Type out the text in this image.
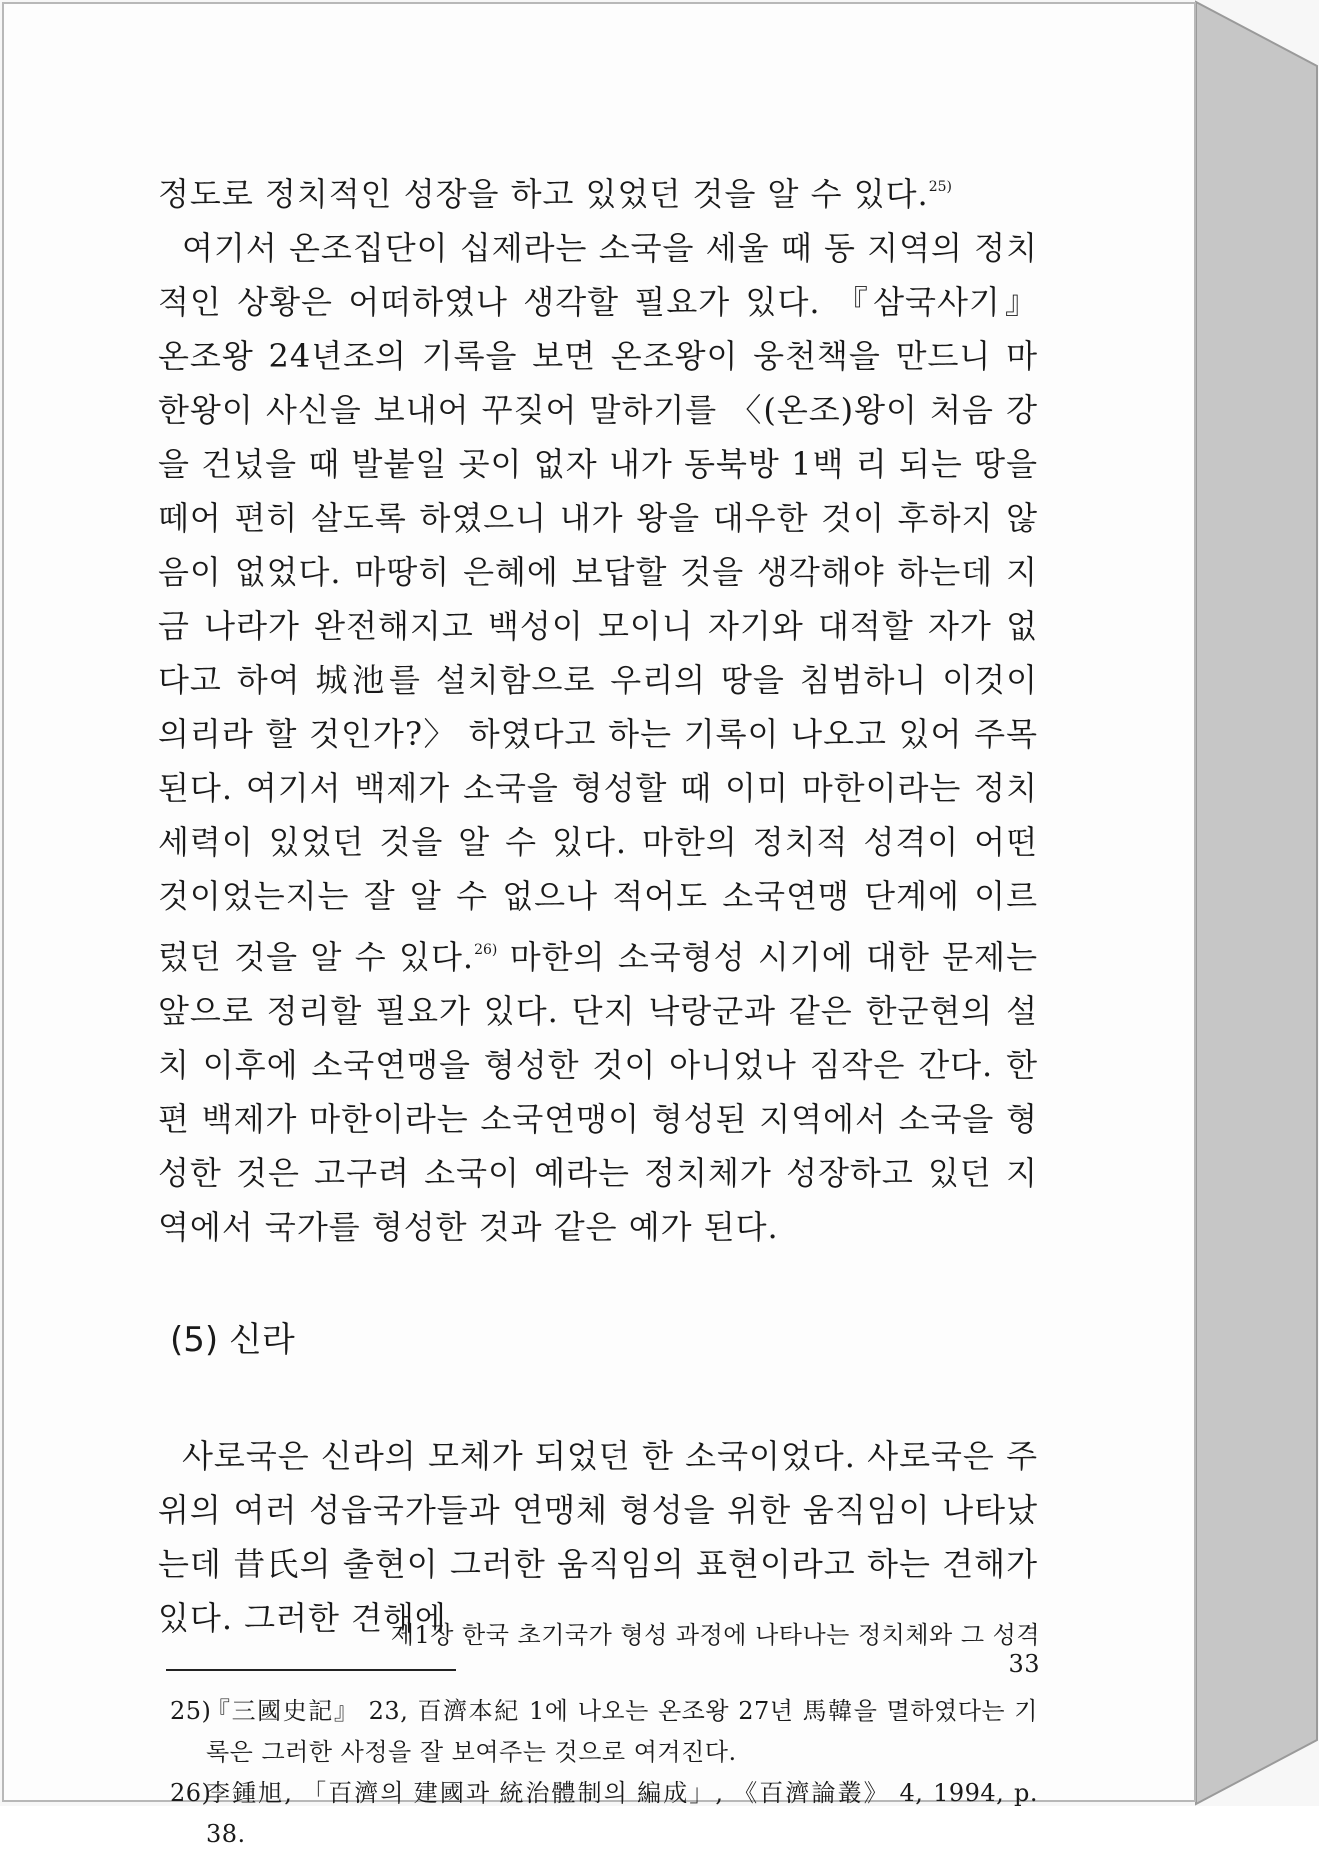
정도로 정치적인 성장을 하고 있었던 것을 알 수 있다.$^{25)}$

여기서 온조집단이 십제라는 소국을 세울 때 동 지역의 정치적인 상황은 어떠하였나 생각할 필요가 있다. 『삼국사기』 온조왕 24년조의 기록을 보면 온조왕이 웅천책을 만드니 마한왕이 사신을 보내어 꾸짖어 말하기를 〈(온조)왕이 처음 강을 건넜을 때 발붙일 곳이 없자 내가 동북방 1백 리 되는 땅을 떼어 편히 살도록 하였으니 내가 왕을 대우한 것이 후하지 않음이 없었다. 마땅히 은혜에 보답할 것을 생각해야 하는데 지금 나라가 완전해지고 백성이 모이니 자기와 대적할 자가 없다고 하여 城池를 설치함으로 우리의 땅을 침범하니 이것이 의리라 할 것인가?〉 하였다고 하는 기록이 나오고 있어 주목된다. 여기서 백제가 소국을 형성할 때 이미 마한이라는 정치세력이 있었던 것을 알 수 있다. 마한의 정치적 성격이 어떤 것이었는지는 잘 알 수 없으나 적어도 소국연맹 단계에 이르렀던 것을 알 수 있다.$^{26)}$ 마한의 소국형성 시기에 대한 문제는 앞으로 정리할 필요가 있다. 단지 낙랑군과 같은 한군현의 설치 이후에 소국연맹을 형성한 것이 아니었나 짐작은 간다. 한편 백제가 마한이라는 소국연맹이 형성된 지역에서 소국을 형성한 것은 고구려 소국이 예라는 정치체가 성장하고 있던 지역에서 국가를 형성한 것과 같은 예가 된다.

(5) 신라

사로국은 신라의 모체가 되었던 한 소국이었다. 사로국은 주위의 여러 성읍국가들과 연맹체 형성을 위한 움직임이 나타났는데 昔氏의 출현이 그러한 움직임의 표현이라고 하는 견해가 있다. 그러한 견해에

25)
『三國史記』 23, 百濟本紀 1에 나오는 온조왕 27년 馬韓을 멸하였다는 기록은 그러한 사정을 잘 보여주는 것으로 여겨진다.
26)
李鍾旭, 「百濟의 建國과 統治體制의 編成」, 《百濟論叢》 4, 1994, p. 38.
제1장 한국 초기국가 형성 과정에 나타나는 정치체와 그 성격33
